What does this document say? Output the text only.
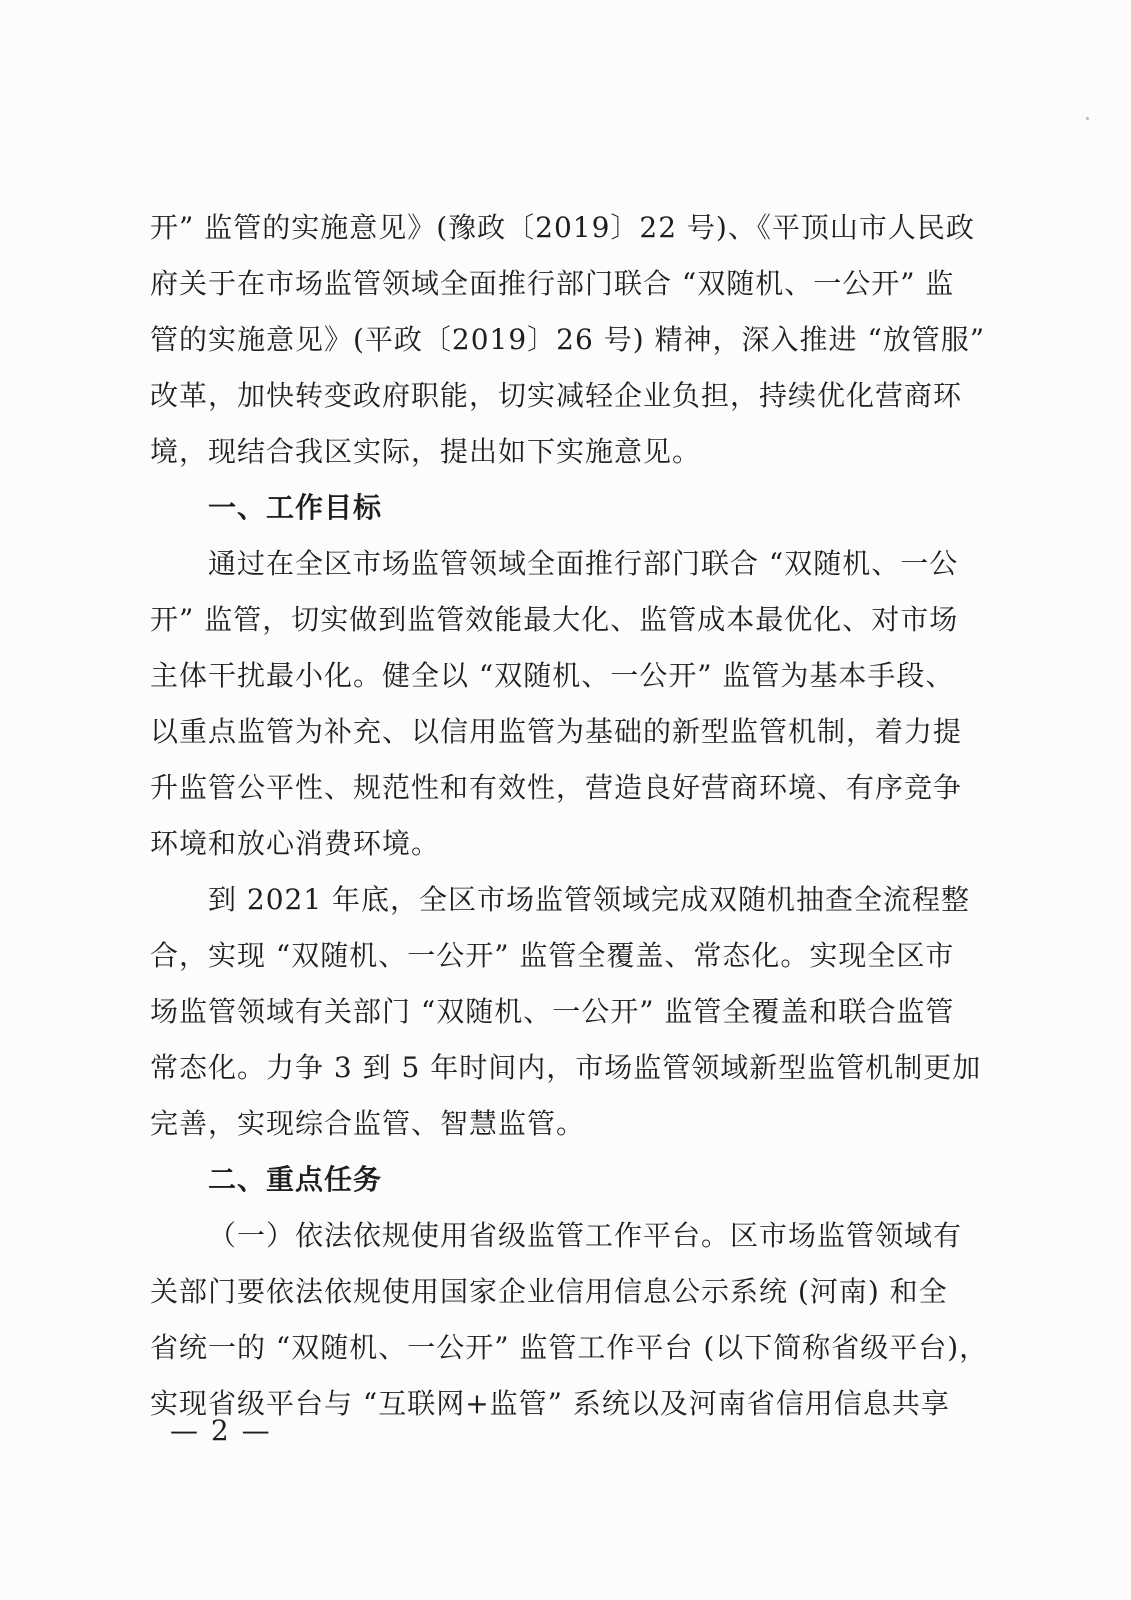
开” 监管的实施意见》(豫政〔2019〕22 号)、《平顶山市人民政
府关于在市场监管领域全面推行部门联合 “双随机、一公开” 监
管的实施意见》(平政〔2019〕26 号) 精神，深入推进 “放管服”
改革，加快转变政府职能，切实减轻企业负担，持续优化营商环
境，现结合我区实际，提出如下实施意见。
一、工作目标
通过在全区市场监管领域全面推行部门联合 “双随机、一公
开” 监管，切实做到监管效能最大化、监管成本最优化、对市场
主体干扰最小化。健全以 “双随机、一公开” 监管为基本手段、
以重点监管为补充、以信用监管为基础的新型监管机制，着力提
升监管公平性、规范性和有效性，营造良好营商环境、有序竞争
环境和放心消费环境。
到 2021 年底，全区市场监管领域完成双随机抽查全流程整
合，实现 “双随机、一公开” 监管全覆盖、常态化。实现全区市
场监管领域有关部门 “双随机、一公开” 监管全覆盖和联合监管
常态化。力争 3 到 5 年时间内，市场监管领域新型监管机制更加
完善，实现综合监管、智慧监管。
二、重点任务
（一）依法依规使用省级监管工作平台。区市场监管领域有
关部门要依法依规使用国家企业信用信息公示系统 (河南) 和全
省统一的 “双随机、一公开” 监管工作平台 (以下简称省级平台)，
实现省级平台与 “互联网+监管” 系统以及河南省信用信息共享
— 2 —
